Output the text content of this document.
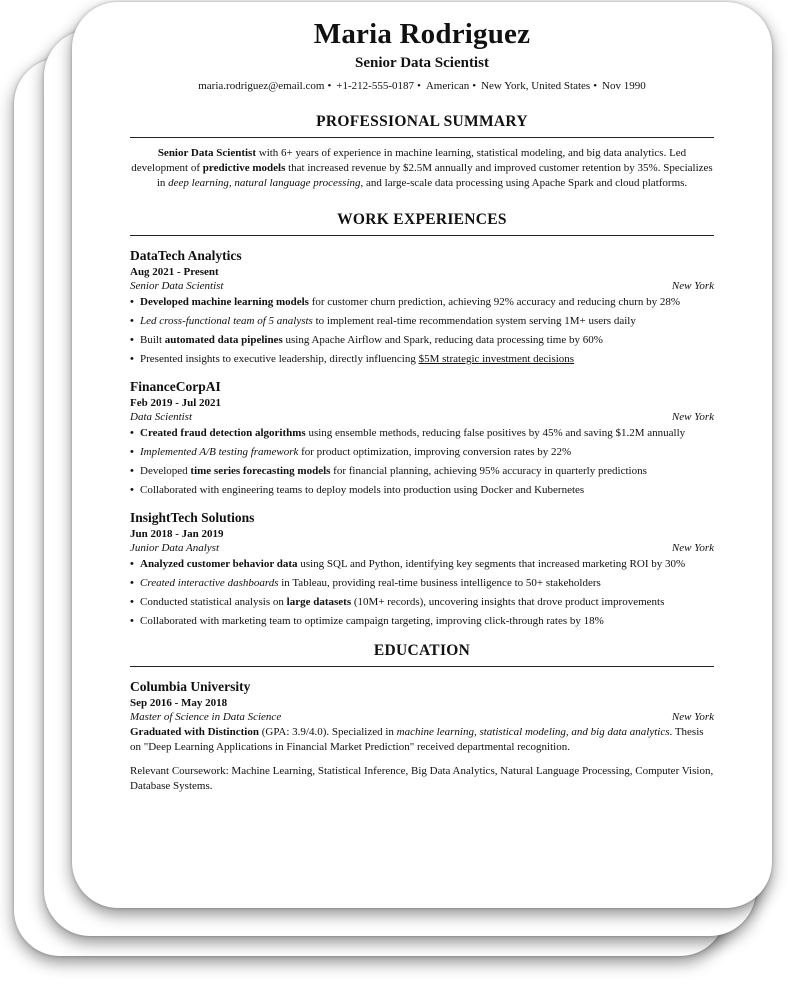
Maria Rodriguez
Senior Data Scientist
maria.rodriguez@email.com • +1-212-555-0187 • American • New York, United States • Nov 1990
PROFESSIONAL SUMMARY
Senior Data Scientist with 6+ years of experience in machine learning, statistical modeling, and big data analytics. Led development of predictive models that increased revenue by $2.5M annually and improved customer retention by 35%. Specializes in deep learning, natural language processing, and large-scale data processing using Apache Spark and cloud platforms.
WORK EXPERIENCES
DataTech Analytics
Aug 2021 - Present
Senior Data Scientist	New York
• Developed machine learning models for customer churn prediction, achieving 92% accuracy and reducing churn by 28%
• Led cross-functional team of 5 analysts to implement real-time recommendation system serving 1M+ users daily
• Built automated data pipelines using Apache Airflow and Spark, reducing data processing time by 60%
• Presented insights to executive leadership, directly influencing $5M strategic investment decisions
FinanceCorpAI
Feb 2019 - Jul 2021
Data Scientist	New York
• Created fraud detection algorithms using ensemble methods, reducing false positives by 45% and saving $1.2M annually
• Implemented A/B testing framework for product optimization, improving conversion rates by 22%
• Developed time series forecasting models for financial planning, achieving 95% accuracy in quarterly predictions
• Collaborated with engineering teams to deploy models into production using Docker and Kubernetes
InsightTech Solutions
Jun 2018 - Jan 2019
Junior Data Analyst	New York
• Analyzed customer behavior data using SQL and Python, identifying key segments that increased marketing ROI by 30%
• Created interactive dashboards in Tableau, providing real-time business intelligence to 50+ stakeholders
• Conducted statistical analysis on large datasets (10M+ records), uncovering insights that drove product improvements
• Collaborated with marketing team to optimize campaign targeting, improving click-through rates by 18%
EDUCATION
Columbia University
Sep 2016 - May 2018
Master of Science in Data Science	New York
Graduated with Distinction (GPA: 3.9/4.0). Specialized in machine learning, statistical modeling, and big data analytics. Thesis on "Deep Learning Applications in Financial Market Prediction" received departmental recognition.
Relevant Coursework: Machine Learning, Statistical Inference, Big Data Analytics, Natural Language Processing, Computer Vision, Database Systems.
